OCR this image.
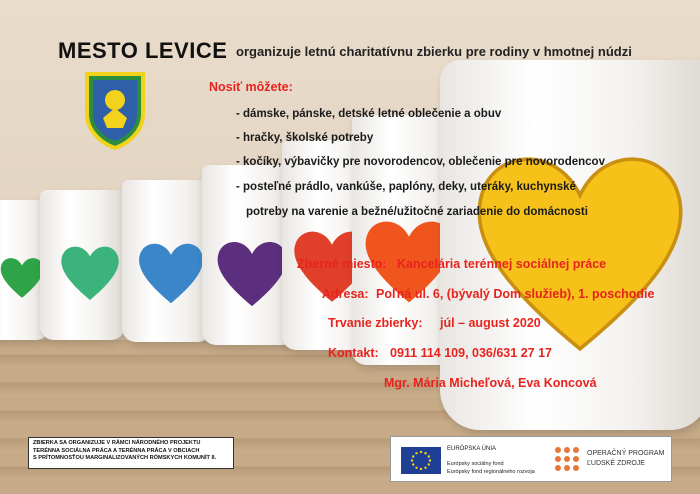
MESTO LEVICE organizuje letnú charitatívnu zbierku pre rodiny v hmotnej núdzi
Nosiť môžete:
- dámske, pánske, detské letné oblečenie a obuv
- hračky, školské potreby
- kočíky, výbavičky pre novorodencov, oblečenie pre novorodencov
- posteľné prádlo, vankúše, paplóny, deky, uteráky, kuchynské
potreby na varenie a bežné/užitočné zariadenie do domácnosti
Zberné miesto: Kancelária terénnej sociálnej práce
Adresa: Poľná ul. 6, (bývalý Dom služieb), 1. poschodie
Trvanie zbierky: júl – august 2020
Kontakt: 0911 114 109, 036/631 27 17
Mgr. Mária Micheľová, Eva Koncová
ZBIERKA SA ORGANIZUJE V RÁMCI NÁRODNÉHO PROJEKTU
TERÉNNA SOCIÁLNA PRÁCA A TERÉNNA PRÁCA V OBCIACH
S PRÍTOMNOSŤOU MARGINALIZOVANÝCH RÓMSKYCH KOMUNÍT II.
EURÓPSKA ÚNIA
Európsky sociálny fond
Európsky fond regionálneho rozvoja
OPERAČNÝ PROGRAM
ĽUDSKÉ ZDROJE
